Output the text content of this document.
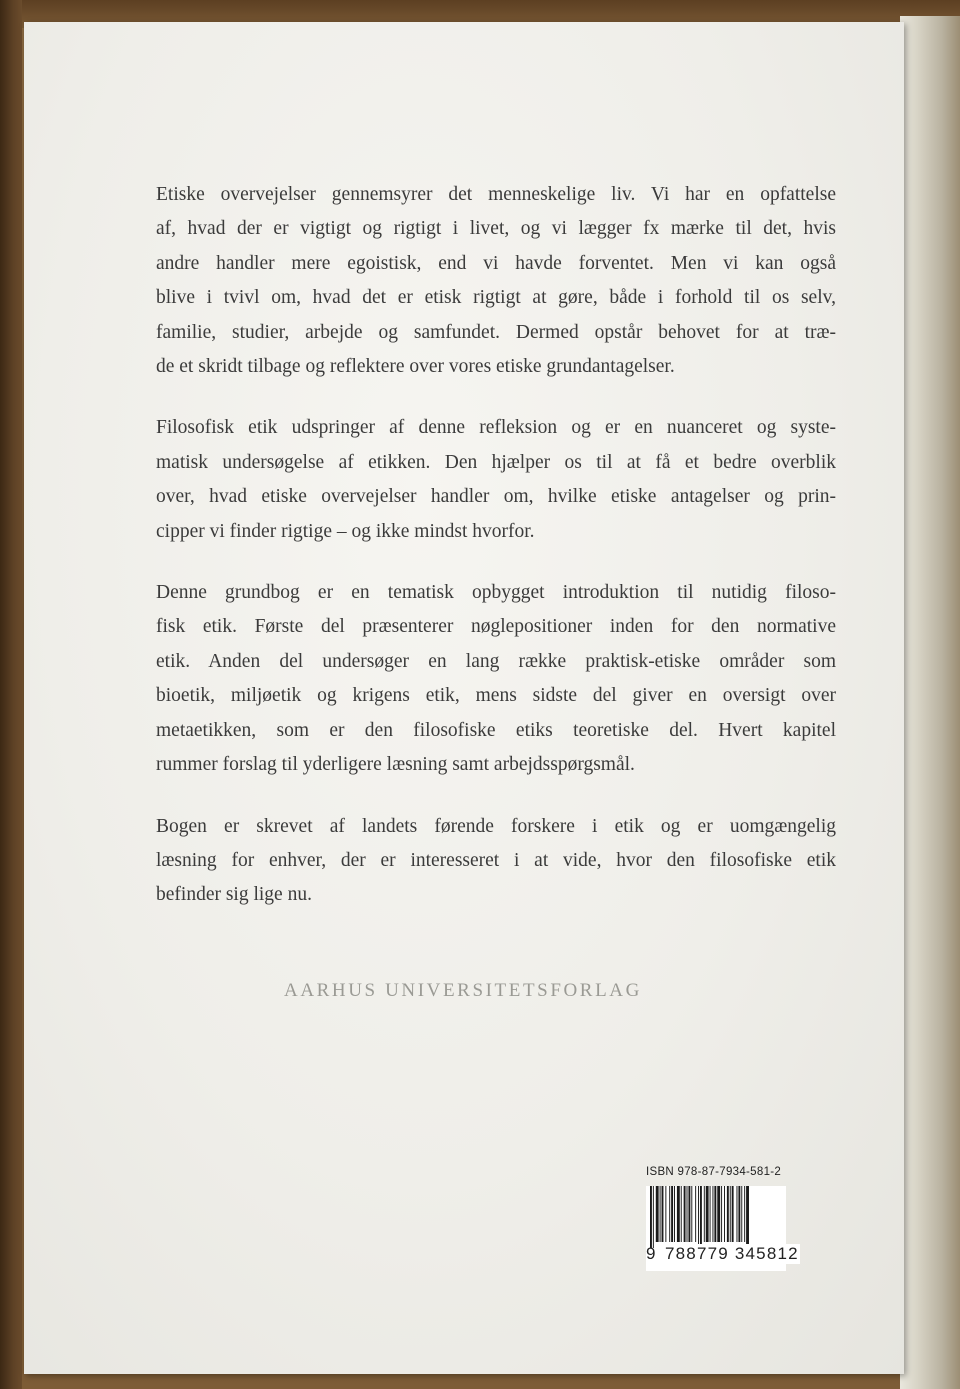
Etiske overvejelser gennemsyrer det menneskelige liv. Vi har en opfattelse
af, hvad der er vigtigt og rigtigt i livet, og vi lægger fx mærke til det, hvis
andre handler mere egoistisk, end vi havde forventet. Men vi kan også
blive i tvivl om, hvad det er etisk rigtigt at gøre, både i forhold til os selv,
familie, studier, arbejde og samfundet. Dermed opstår behovet for at træ-
de et skridt tilbage og reflektere over vores etiske grundantagelser.

Filosofisk etik udspringer af denne refleksion og er en nuanceret og syste-
matisk undersøgelse af etikken. Den hjælper os til at få et bedre overblik
over, hvad etiske overvejelser handler om, hvilke etiske antagelser og prin-
cipper vi finder rigtige – og ikke mindst hvorfor.

Denne grundbog er en tematisk opbygget introduktion til nutidig filoso-
fisk etik. Første del præsenterer nøglepositioner inden for den normative
etik. Anden del undersøger en lang række praktisk-etiske områder som
bioetik, miljøetik og krigens etik, mens sidste del giver en oversigt over
metaetikken, som er den filosofiske etiks teoretiske del. Hvert kapitel
rummer forslag til yderligere læsning samt arbejdsspørgsmål.

Bogen er skrevet af landets førende forskere i etik og er uomgængelig
læsning for enhver, der er interesseret i at vide, hvor den filosofiske etik
befinder sig lige nu.

AARHUS UNIVERSITETSFORLAG
ISBN 978-87-7934-581-2
9 788779 345812
